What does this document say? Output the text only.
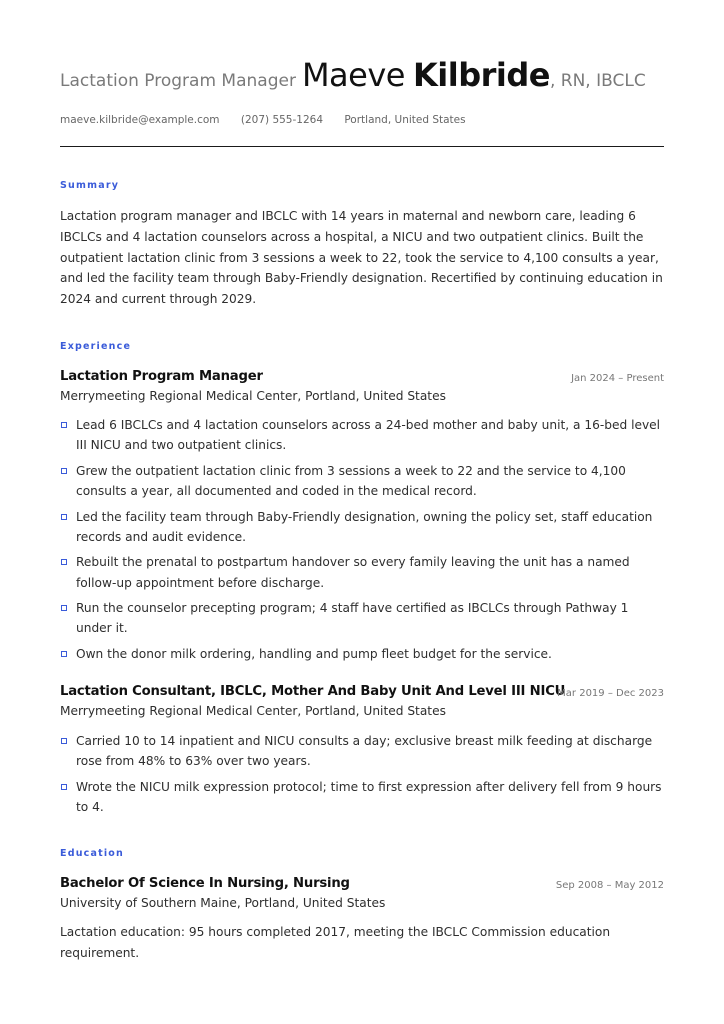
Lactation Program Manager Maeve Kilbride, RN, IBCLC
maeve.kilbride@example.com (207) 555-1264 Portland, United States
Summary
Lactation program manager and IBCLC with 14 years in maternal and newborn care, leading 6 IBCLCs and 4 lactation counselors across a hospital, a NICU and two outpatient clinics. Built the outpatient lactation clinic from 3 sessions a week to 22, took the service to 4,100 consults a year, and led the facility team through Baby-Friendly designation. Recertified by continuing education in 2024 and current through 2029.
Experience
Lactation Program Manager	Jan 2024 – Present
Merrymeeting Regional Medical Center, Portland, United States
Lead 6 IBCLCs and 4 lactation counselors across a 24-bed mother and baby unit, a 16-bed level III NICU and two outpatient clinics.
Grew the outpatient lactation clinic from 3 sessions a week to 22 and the service to 4,100 consults a year, all documented and coded in the medical record.
Led the facility team through Baby-Friendly designation, owning the policy set, staff education records and audit evidence.
Rebuilt the prenatal to postpartum handover so every family leaving the unit has a named follow-up appointment before discharge.
Run the counselor precepting program; 4 staff have certified as IBCLCs through Pathway 1 under it.
Own the donor milk ordering, handling and pump fleet budget for the service.
Lactation Consultant, IBCLC, Mother And Baby Unit And Level III NICU
Mar 2019 – Dec 2023
Merrymeeting Regional Medical Center, Portland, United States
Carried 10 to 14 inpatient and NICU consults a day; exclusive breast milk feeding at discharge rose from 48% to 63% over two years.
Wrote the NICU milk expression protocol; time to first expression after delivery fell from 9 hours to 4.
Education
Bachelor Of Science In Nursing, Nursing	Sep 2008 – May 2012
University of Southern Maine, Portland, United States
Lactation education: 95 hours completed 2017, meeting the IBCLC Commission education requirement.
